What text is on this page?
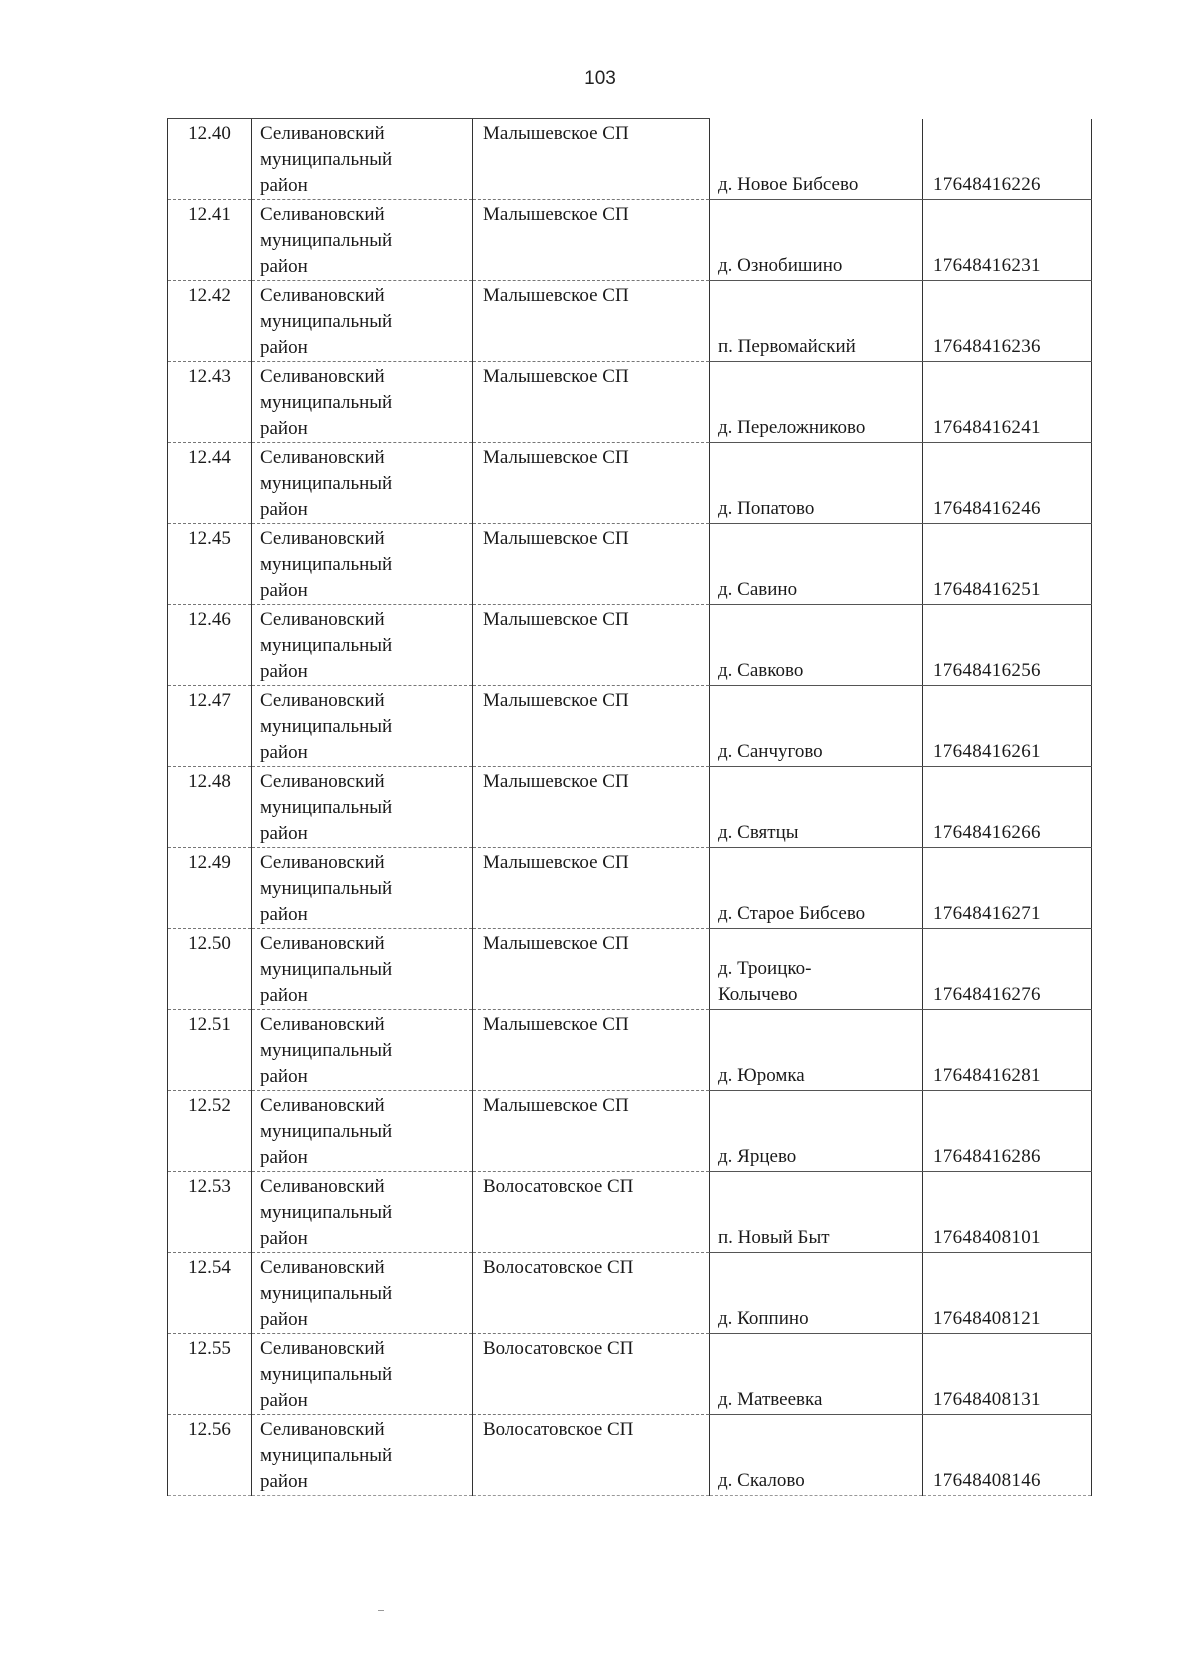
103
12.40	Селивановский
муниципальный
район	Малышевское СП	д. Новое Бибсево	17648416226
12.41	Селивановский
муниципальный
район	Малышевское СП	д. Ознобишино	17648416231
12.42	Селивановский
муниципальный
район	Малышевское СП	п. Первомайский	17648416236
12.43	Селивановский
муниципальный
район	Малышевское СП	д. Переложниково	17648416241
12.44	Селивановский
муниципальный
район	Малышевское СП	д. Попатово	17648416246
12.45	Селивановский
муниципальный
район	Малышевское СП	д. Савино	17648416251
12.46	Селивановский
муниципальный
район	Малышевское СП	д. Савково	17648416256
12.47	Селивановский
муниципальный
район	Малышевское СП	д. Санчугово	17648416261
12.48	Селивановский
муниципальный
район	Малышевское СП	д. Святцы	17648416266
12.49	Селивановский
муниципальный
район	Малышевское СП	д. Старое Бибсево	17648416271
12.50	Селивановский
муниципальный
район	Малышевское СП	д. Троицко-
Колычево	17648416276
12.51	Селивановский
муниципальный
район	Малышевское СП	д. Юромка	17648416281
12.52	Селивановский
муниципальный
район	Малышевское СП	д. Ярцево	17648416286
12.53	Селивановский
муниципальный
район	Волосатовское СП	п. Новый Быт	17648408101
12.54	Селивановский
муниципальный
район	Волосатовское СП	д. Коппино	17648408121
12.55	Селивановский
муниципальный
район	Волосатовское СП	д. Матвеевка	17648408131
12.56	Селивановский
муниципальный
район	Волосатовское СП	д. Скалово	17648408146
